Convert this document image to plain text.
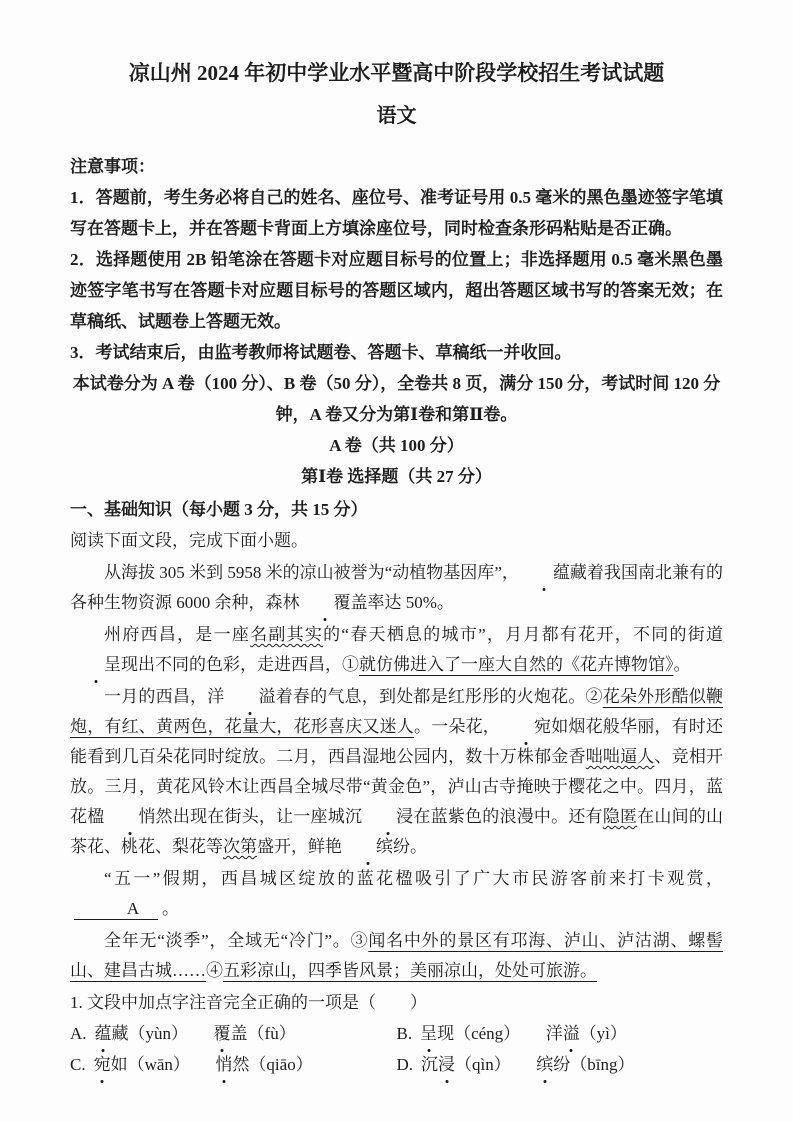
凉山州 2024 年初中学业水平暨高中阶段学校招生考试试题
语文
注意事项：

1．答题前，考生务必将自己的姓名、座位号、准考证号用 0.5 毫米的黑色墨迹签字笔填写在答题卡上，并在答题卡背面上方填涂座位号，同时检查条形码粘贴是否正确。

2．选择题使用 2B 铅笔涂在答题卡对应题目标号的位置上；非选择题用 0.5 毫米黑色墨迹签字笔书写在答题卡对应题目标号的答题区域内，超出答题区域书写的答案无效；在草稿纸、试题卷上答题无效。

3．考试结束后，由监考教师将试题卷、答题卡、草稿纸一并收回。

本试卷分为 A 卷（100 分）、B 卷（50 分），全卷共 8 页，满分 150 分，考试时间 120 分钟，A 卷又分为第Ⅰ卷和第Ⅱ卷。

A 卷（共 100 分）
第Ⅰ卷 选择题（共 27 分）
一、基础知识（每小题 3 分，共 15 分）
阅读下面文段，完成下面小题。

从海拔 305 米到 5958 米的凉山被誉为“动植物基因库”， 蕴藏着我国南北兼有的各种生物资源 6000 余种，森林 覆盖率达 50%。

州府西昌，是一座名副其实的“春天栖息的城市”，月月都有花开，不同的街道呈现出不同的色彩，走进西昌，①就仿佛进入了一座大自然的《花卉博物馆》。

一月的西昌，洋 溢着春的气息，到处都是红彤彤的火炮花。②花朵外形酷似鞭炮，有红、黄两色，花量大，花形喜庆又迷人。一朵花， 宛如烟花般华丽，有时还能看到几百朵花同时绽放。二月，西昌湿地公园内，数十万株郁金香咄咄逼人、竞相开放。三月，黄花风铃木让西昌全城尽带“黄金色”，泸山古寺掩映于樱花之中。四月，蓝花楹 悄然出现在街头，让一座城沉 浸在蓝紫色的浪漫中。还有隐匿在山间的山茶花、桃花、梨花等次第盛开，鲜艳 缤纷。

“五一”假期，西昌城区绽放的蓝花楹吸引了广大市民游客前来打卡观赏，A 。

全年无“淡季”，全域无“冷门”。③闻名中外的景区有邛海、泸山、泸沽湖、螺髻山、建昌古城……④五彩凉山，四季皆风景；美丽凉山，处处可旅游。

1. 文段中加点字注音完全正确的一项是（　　）
A. 蕴藏（yùn）　　 覆盖（fù）	B. 呈现（céng）　　 洋溢（yì）
C. 宛如（wān）　　 悄然（qiāo）	D. 沉浸（qìn）　　 缤纷（bīng）
